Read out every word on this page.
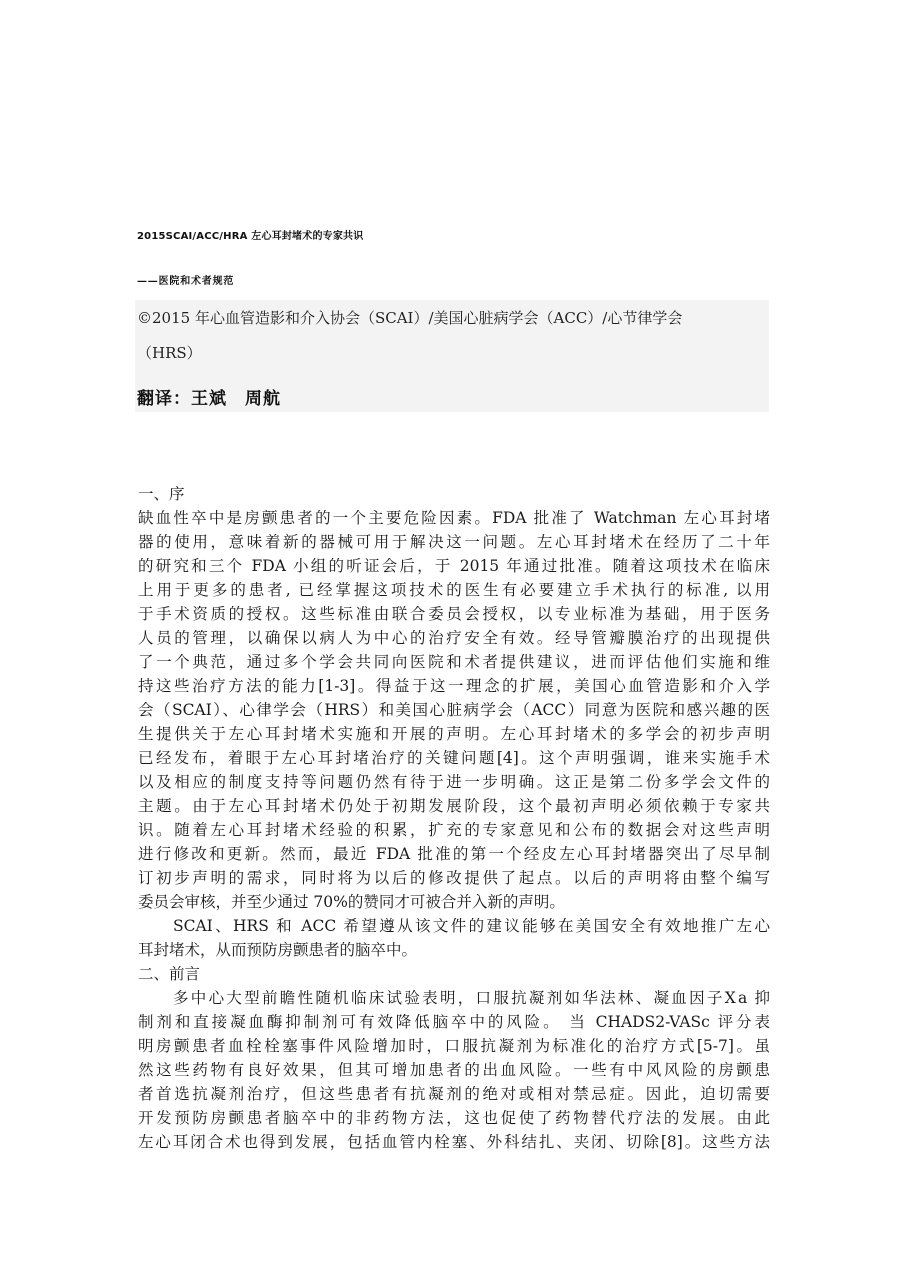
2015SCAI/ACC/HRA 左心耳封堵术的专家共识
——医院和术者规范
©2015 年心血管造影和介入协会（SCAI）/美国心脏病学会（ACC）/心节律学会
（HRS）
翻译：王斌　周航
一、序
缺血性卒中是房颤患者的一个主要危险因素。FDA 批准了 Watchman 左心耳封堵
器的使用，意味着新的器械可用于解决这一问题。左心耳封堵术在经历了二十年
的研究和三个 FDA 小组的听证会后，于 2015 年通过批准。随着这项技术在临床
上用于更多的患者, 已经掌握这项技术的医生有必要建立手术执行的标准, 以用
于手术资质的授权。这些标准由联合委员会授权，以专业标准为基础，用于医务
人员的管理，以确保以病人为中心的治疗安全有效。经导管瓣膜治疗的出现提供
了一个典范，通过多个学会共同向医院和术者提供建议，进而评估他们实施和维
持这些治疗方法的能力[1-3]。得益于这一理念的扩展，美国心血管造影和介入学
会（SCAI）、心律学会（HRS）和美国心脏病学会（ACC）同意为医院和感兴趣的医
生提供关于左心耳封堵术实施和开展的声明。左心耳封堵术的多学会的初步声明
已经发布，着眼于左心耳封堵治疗的关键问题[4]。这个声明强调，谁来实施手术
以及相应的制度支持等问题仍然有待于进一步明确。这正是第二份多学会文件的
主题。由于左心耳封堵术仍处于初期发展阶段，这个最初声明必须依赖于专家共
识。随着左心耳封堵术经验的积累，扩充的专家意见和公布的数据会对这些声明
进行修改和更新。然而，最近 FDA 批准的第一个经皮左心耳封堵器突出了尽早制
订初步声明的需求，同时将为以后的修改提供了起点。以后的声明将由整个编写
委员会审核，并至少通过 70%的赞同才可被合并入新的声明。
SCAI、HRS 和 ACC 希望遵从该文件的建议能够在美国安全有效地推广左心
耳封堵术，从而预防房颤患者的脑卒中。
二、前言
多中心大型前瞻性随机临床试验表明，口服抗凝剂如华法林、凝血因子Ⅹa 抑
制剂和直接凝血酶抑制剂可有效降低脑卒中的风险。 当 CHADS2-VASc 评分表
明房颤患者血栓栓塞事件风险增加时，口服抗凝剂为标准化的治疗方式[5-7]。虽
然这些药物有良好效果，但其可增加患者的出血风险。一些有中风风险的房颤患
者首选抗凝剂治疗，但这些患者有抗凝剂的绝对或相对禁忌症。因此，迫切需要
开发预防房颤患者脑卒中的非药物方法，这也促使了药物替代疗法的发展。由此
左心耳闭合术也得到发展，包括血管内栓塞、外科结扎、夹闭、切除[8]。这些方法
